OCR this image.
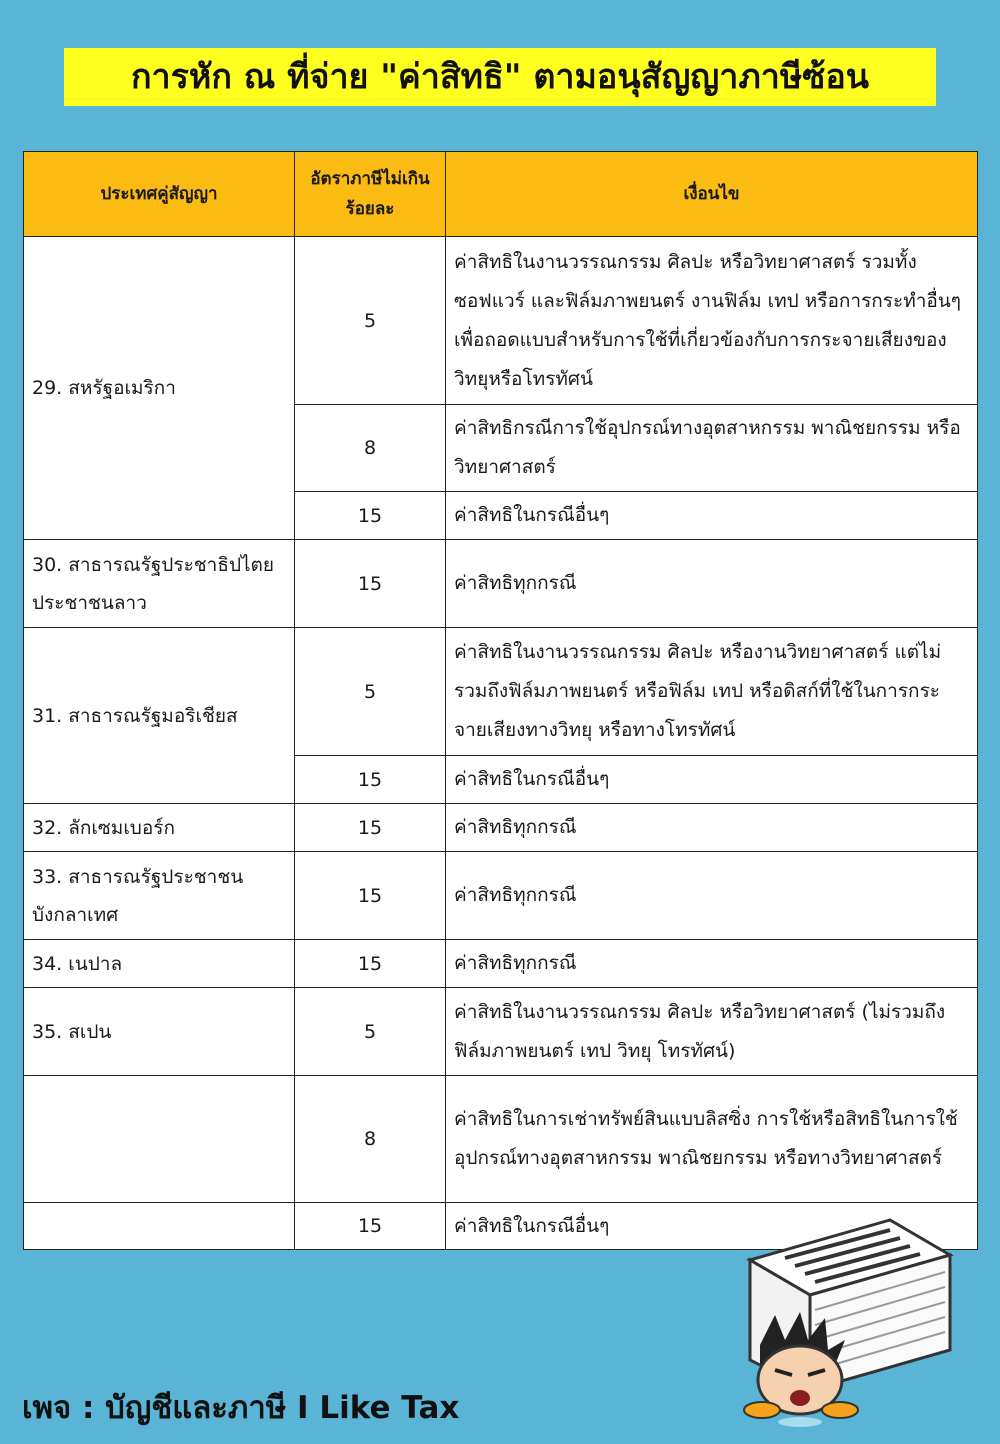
การหัก ณ ที่จ่าย "ค่าสิทธิ" ตามอนุสัญญาภาษีซ้อน
ประเทศคู่สัญญา	อัตราภาษีไม่เกินร้อยละ	เงื่อนไข
29. สหรัฐอเมริกา	5	ค่าสิทธิในงานวรรณกรรม ศิลปะ หรือวิทยาศาสตร์ รวมทั้งซอฟแวร์ และฟิล์มภาพยนตร์ งานฟิล์ม เทป หรือการกระทำอื่นๆ เพื่อถอดแบบสำหรับการใช้ที่เกี่ยวข้องกับการกระจายเสียงของวิทยุหรือโทรทัศน์
	8	ค่าสิทธิกรณีการใช้อุปกรณ์ทางอุตสาหกรรม พาณิชยกรรม หรือวิทยาศาสตร์
	15	ค่าสิทธิในกรณีอื่นๆ
30. สาธารณรัฐประชาธิปไตยประชาชนลาว	15	ค่าสิทธิทุกกรณี
31. สาธารณรัฐมอริเชียส	5	ค่าสิทธิในงานวรรณกรรม ศิลปะ หรืองานวิทยาศาสตร์ แต่ไม่รวมถึงฟิล์มภาพยนตร์ หรือฟิล์ม เทป หรือดิสก์ที่ใช้ในการกระจายเสียงทางวิทยุ หรือทางโทรทัศน์
	15	ค่าสิทธิในกรณีอื่นๆ
32. ลักเซมเบอร์ก	15	ค่าสิทธิทุกกรณี
33. สาธารณรัฐประชาชนบังกลาเทศ	15	ค่าสิทธิทุกกรณี
34. เนปาล	15	ค่าสิทธิทุกกรณี
35. สเปน	5	ค่าสิทธิในงานวรรณกรรม ศิลปะ หรือวิทยาศาสตร์ (ไม่รวมถึงฟิล์มภาพยนตร์ เทป วิทยุ โทรทัศน์)
	8	ค่าสิทธิในการเช่าทรัพย์สินแบบลิสซิ่ง การใช้หรือสิทธิในการใช้อุปกรณ์ทางอุตสาหกรรม พาณิชยกรรม หรือทางวิทยาศาสตร์
	15	ค่าสิทธิในกรณีอื่นๆ
เพจ : บัญชีและภาษี I Like Tax
